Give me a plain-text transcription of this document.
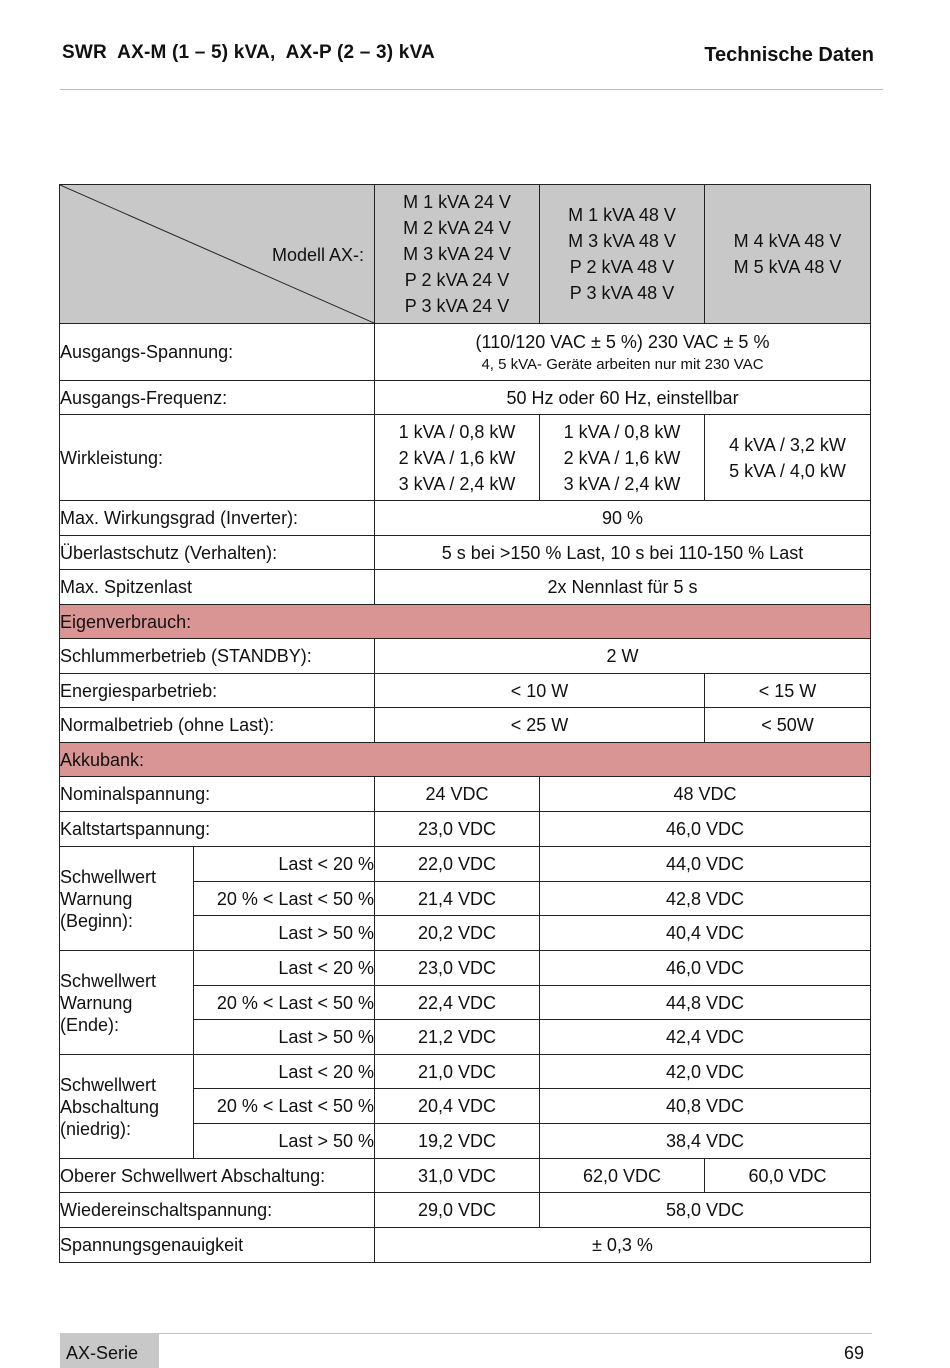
SWR  AX-M (1 – 5) kVA,  AX-P (2 – 3) kVA	Technische Daten
Modell AX-:		M 1 kVA 24 V
M 2 kVA 24 V
M 3 kVA 24 V
P 2 kVA 24 V
P 3 kVA 24 V	M 1 kVA 48 V
M 3 kVA 48 V
P 2 kVA 48 V
P 3 kVA 48 V	M 4 kVA 48 V
M 5 kVA 48 V

Ausgangs-Spannung:		(110/120 VAC ± 5 %) 230 VAC ± 5 %
4, 5 kVA- Geräte arbeiten nur mit 230 VAC		

Ausgangs-Frequenz:		50 Hz oder 60 Hz, einstellbar		
Wirkleistung:		1 kVA / 0,8 kW
2 kVA / 1,6 kW
3 kVA / 2,4 kW	1 kVA / 0,8 kW
2 kVA / 1,6 kW
3 kVA / 2,4 kW	4 kVA / 3,2 kW
5 kVA / 4,0 kW

Max. Wirkungsgrad (Inverter):		90 %		
Überlastschutz (Verhalten):		5 s bei >150 % Last, 10 s bei 110-150 % Last		
Max. Spitzenlast		2x Nennlast für 5 s		
Eigenverbrauch:				
Schlummerbetrieb (STANDBY):		2 W		
Energiesparbetrieb:		< 10 W		< 15 W
Normalbetrieb (ohne Last):		< 25 W		< 50W
Akkubank:				
Nominalspannung:		24 VDC	48 VDC	
Kaltstartspannung:		23,0 VDC	46,0 VDC	

Schwellwert
Warnung
(Beginn):	Last < 20 %	22,0 VDC	44,0 VDC	
	20 % < Last < 50 %	21,4 VDC	42,8 VDC	
	Last > 50 %	20,2 VDC	40,4 VDC	

Schwellwert
Warnung
(Ende):	Last < 20 %	23,0 VDC	46,0 VDC	
	20 % < Last < 50 %	22,4 VDC	44,8 VDC	
	Last > 50 %	21,2 VDC	42,4 VDC	

Schwellwert
Abschaltung
(niedrig):	Last < 20 %	21,0 VDC	42,0 VDC	
	20 % < Last < 50 %	20,4 VDC	40,8 VDC	
	Last > 50 %	19,2 VDC	38,4 VDC	
Oberer Schwellwert Abschaltung:		31,0 VDC	62,0 VDC	60,0 VDC
Wiedereinschaltspannung:		29,0 VDC	58,0 VDC	
Spannungsgenauigkeit		± 0,3 %		
AX-Serie	69
